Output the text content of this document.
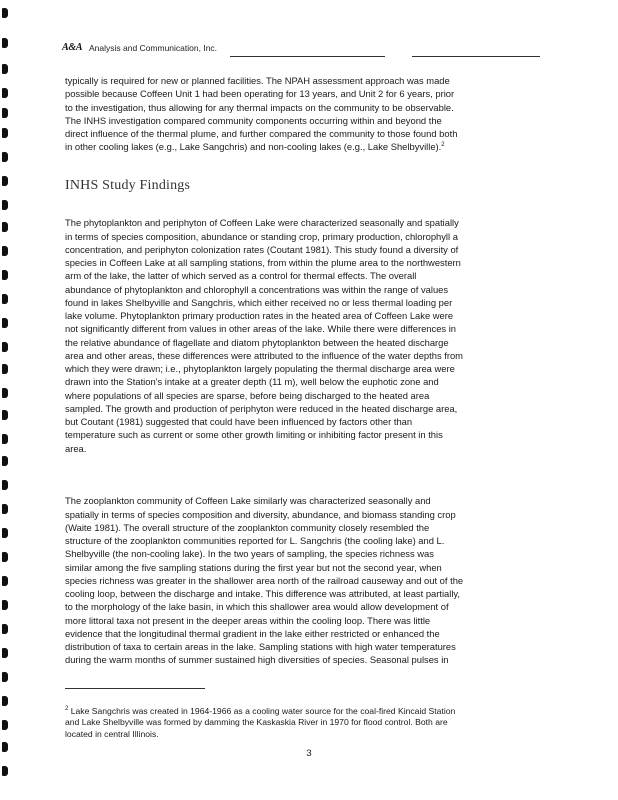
A&A Analysis and Communication, Inc.

typically is required for new or planned facilities. The NPAH assessment approach was made
possible because Coffeen Unit 1 had been operating for 13 years, and Unit 2 for 6 years, prior
to the investigation, thus allowing for any thermal impacts on the community to be observable.
The INHS investigation compared community components occurring within and beyond the
direct influence of the thermal plume, and further compared the community to those found both
in other cooling lakes (e.g., Lake Sangchris) and non-cooling lakes (e.g., Lake Shelbyville).$^2$

INHS Study Findings

The phytoplankton and periphyton of Coffeen Lake were characterized seasonally and spatially
in terms of species composition, abundance or standing crop, primary production, chlorophyll a
concentration, and periphyton colonization rates (Coutant 1981). This study found a diversity of
species in Coffeen Lake at all sampling stations, from within the plume area to the northwestern
arm of the lake, the latter of which served as a control for thermal effects. The overall
abundance of phytoplankton and chlorophyll a concentrations was within the range of values
found in lakes Shelbyville and Sangchris, which either received no or less thermal loading per
lake volume. Phytoplankton primary production rates in the heated area of Coffeen Lake were
not significantly different from values in other areas of the lake. While there were differences in
the relative abundance of flagellate and diatom phytoplankton between the heated discharge
area and other areas, these differences were attributed to the influence of the water depths from
which they were drawn; i.e., phytoplankton largely populating the thermal discharge area were
drawn into the Station's intake at a greater depth (11 m), well below the euphotic zone and
where populations of all species are sparse, before being discharged to the heated area
sampled. The growth and production of periphyton were reduced in the heated discharge area,
but Coutant (1981) suggested that could have been influenced by factors other than
temperature such as current or some other growth limiting or inhibiting factor present in this
area.

The zooplankton community of Coffeen Lake similarly was characterized seasonally and
spatially in terms of species composition and diversity, abundance, and biomass standing crop
(Waite 1981). The overall structure of the zooplankton community closely resembled the
structure of the zooplankton communities reported for L. Sangchris (the cooling lake) and L.
Shelbyville (the non-cooling lake). In the two years of sampling, the species richness was
similar among the five sampling stations during the first year but not the second year, when
species richness was greater in the shallower area north of the railroad causeway and out of the
cooling loop, between the discharge and intake. This difference was attributed, at least partially,
to the morphology of the lake basin, in which this shallower area would allow development of
more littoral taxa not present in the deeper areas within the cooling loop. There was little
evidence that the longitudinal thermal gradient in the lake either restricted or enhanced the
distribution of taxa to certain areas in the lake. Sampling stations with high water temperatures
during the warm months of summer sustained high diversities of species. Seasonal pulses in

$^2$ Lake Sangchris was created in 1964-1966 as a cooling water source for the coal-fired Kincaid Station
and Lake Shelbyville was formed by damming the Kaskaskia River in 1970 for flood control. Both are
located in central Illinois.

3
